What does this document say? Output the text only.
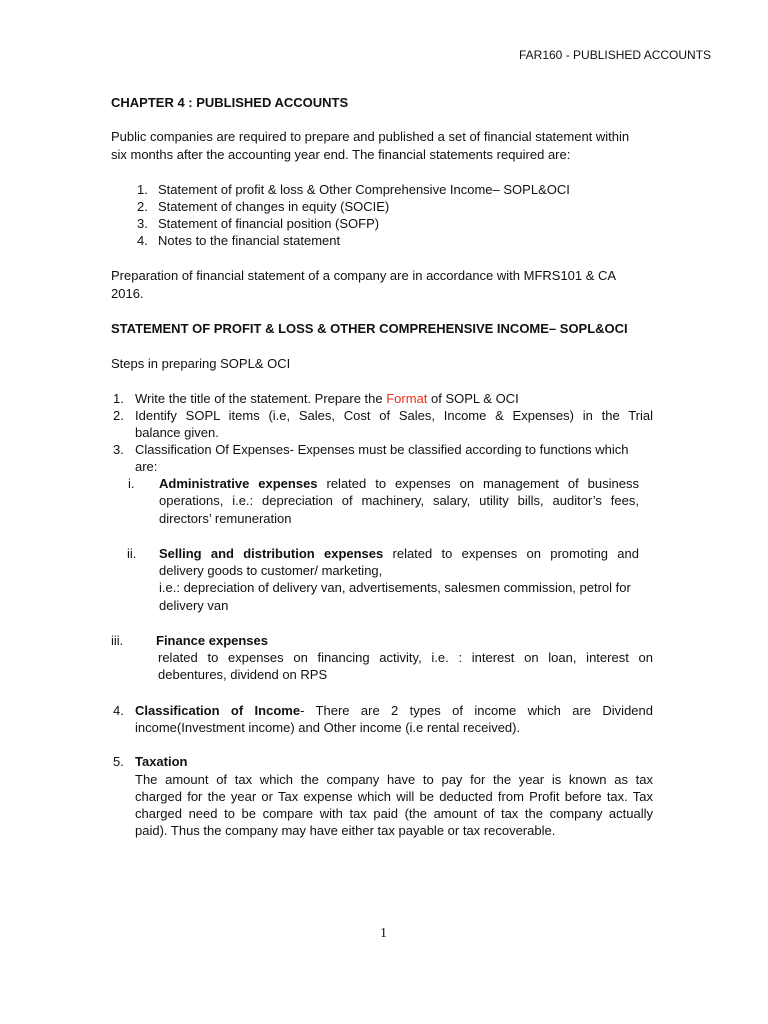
FAR160 - PUBLISHED ACCOUNTS
CHAPTER 4 : PUBLISHED ACCOUNTS
Public companies are required to prepare and published a set of financial statement within
six months after the accounting year end. The financial statements required are:
1. Statement of profit & loss & Other Comprehensive Income– SOPL&OCI
2. Statement of changes in equity (SOCIE)
3. Statement of financial position (SOFP)
4. Notes to the financial statement
Preparation of financial statement of a company are in accordance with MFRS101 & CA
2016.
STATEMENT OF PROFIT & LOSS & OTHER COMPREHENSIVE INCOME– SOPL&OCI
Steps in preparing SOPL& OCI
1. Write the title of the statement. Prepare the Format of SOPL & OCI
2. Identify SOPL items (i.e, Sales, Cost of Sales, Income & Expenses) in the Trial
balance given.
3. Classification Of Expenses- Expenses must be classified according to functions which
are:
i. Administrative expenses related to expenses on management of business
operations, i.e.: depreciation of machinery, salary, utility bills, auditor’s fees,
directors’ remuneration
ii. Selling and distribution expenses related to expenses on promoting and
delivery goods to customer/ marketing,
i.e.: depreciation of delivery van, advertisements, salesmen commission, petrol for
delivery van
iii.	Finance expenses
related to expenses on financing activity, i.e. : interest on loan, interest on
debentures, dividend on RPS
4. Classification of Income- There are 2 types of income which are Dividend
income(Investment income) and Other income (i.e rental received).
5. Taxation
The amount of tax which the company have to pay for the year is known as tax
charged for the year or Tax expense which will be deducted from Profit before tax. Tax
charged need to be compare with tax paid (the amount of tax the company actually
paid). Thus the company may have either tax payable or tax recoverable.
1
